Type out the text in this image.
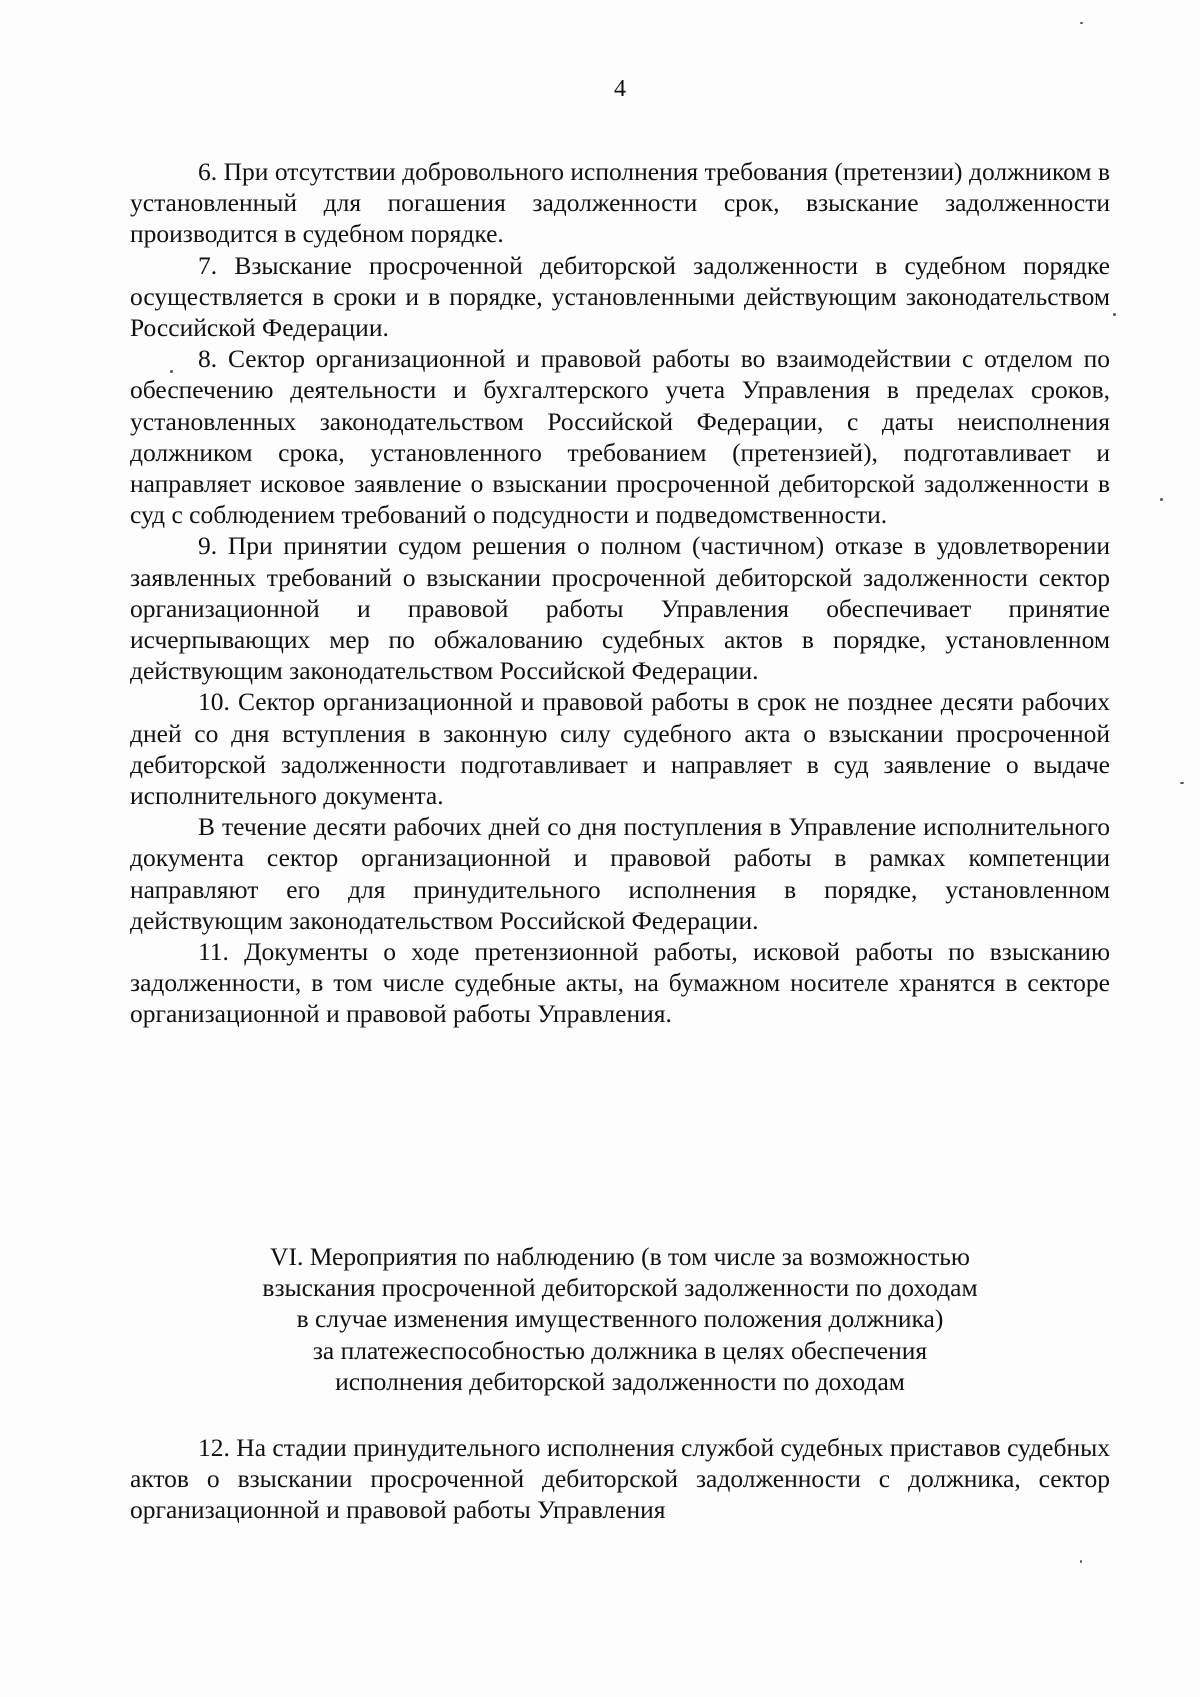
4

6. При отсутствии добровольного исполнения требования (претензии) должником в установленный для погашения задолженности срок, взыскание задолженности производится в судебном порядке.

7. Взыскание просроченной дебиторской задолженности в судебном порядке осуществляется в сроки и в порядке, установленными действующим законодательством Российской Федерации.

8. Сектор организационной и правовой работы во взаимодействии с отделом по обеспечению деятельности и бухгалтерского учета Управления в пределах сроков, установленных законодательством Российской Федерации, с даты неисполнения должником срока, установленного требованием (претензией), подготавливает и направляет исковое заявление о взыскании просроченной дебиторской задолженности в суд с соблюдением требований о подсудности и подведомственности.

9. При принятии судом решения о полном (частичном) отказе в удовлетворении заявленных требований о взыскании просроченной дебиторской задолженности сектор организационной и правовой работы Управления обеспечивает принятие исчерпывающих мер по обжалованию судебных актов в порядке, установленном действующим законодательством Российской Федерации.

10. Сектор организационной и правовой работы в срок не позднее десяти рабочих дней со дня вступления в законную силу судебного акта о взыскании просроченной дебиторской задолженности подготавливает и направляет в суд заявление о выдаче исполнительного документа.

В течение десяти рабочих дней со дня поступления в Управление исполнительного документа сектор организационной и правовой работы в рамках компетенции направляют его для принудительного исполнения в порядке, установленном действующим законодательством Российской Федерации.

11. Документы о ходе претензионной работы, исковой работы по взысканию задолженности, в том числе судебные акты, на бумажном носителе хранятся в секторе организационной и правовой работы Управления.

VI. Мероприятия по наблюдению (в том числе за возможностью
взыскания просроченной дебиторской задолженности по доходам
в случае изменения имущественного положения должника)
за платежеспособностью должника в целях обеспечения
исполнения дебиторской задолженности по доходам

12. На стадии принудительного исполнения службой судебных приставов судебных актов о взыскании просроченной дебиторской задолженности с должника, сектор организационной и правовой работы Управления
